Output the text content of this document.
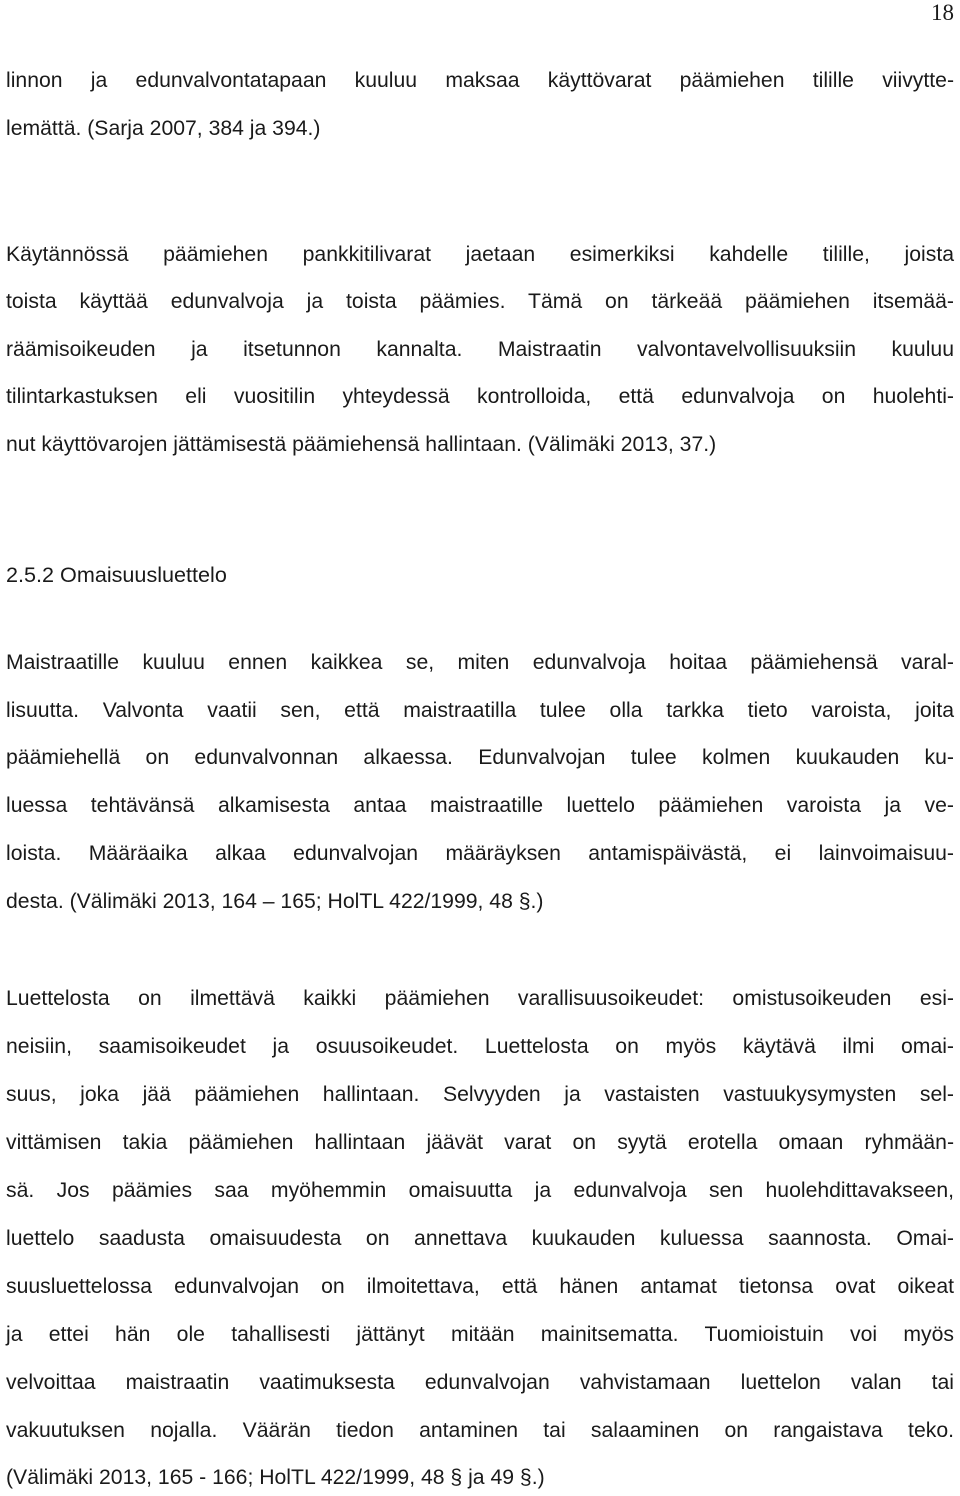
18
linnon ja edunvalvontatapaan kuuluu maksaa käyttövarat päämiehen tilille viivytte-
lemättä. (Sarja 2007, 384 ja 394.)
Käytännössä päämiehen pankkitilivarat jaetaan esimerkiksi kahdelle tilille, joista
toista käyttää edunvalvoja ja toista päämies. Tämä on tärkeää päämiehen itsemää-
räämisoikeuden ja itsetunnon kannalta. Maistraatin valvontavelvollisuuksiin kuuluu
tilintarkastuksen eli vuositilin yhteydessä kontrolloida, että edunvalvoja on huolehti-
nut käyttövarojen jättämisestä päämiehensä hallintaan. (Välimäki 2013, 37.)
2.5.2 Omaisuusluettelo
Maistraatille kuuluu ennen kaikkea se, miten edunvalvoja hoitaa päämiehensä varal-
lisuutta. Valvonta vaatii sen, että maistraatilla tulee olla tarkka tieto varoista, joita
päämiehellä on edunvalvonnan alkaessa. Edunvalvojan tulee kolmen kuukauden ku-
luessa tehtävänsä alkamisesta antaa maistraatille luettelo päämiehen varoista ja ve-
loista. Määräaika alkaa edunvalvojan määräyksen antamispäivästä, ei lainvoimaisuu-
desta. (Välimäki 2013, 164 – 165; HolTL 422/1999, 48 §.)
Luettelosta on ilmettävä kaikki päämiehen varallisuusoikeudet: omistusoikeuden esi-
neisiin, saamisoikeudet ja osuusoikeudet. Luettelosta on myös käytävä ilmi omai-
suus, joka jää päämiehen hallintaan. Selvyyden ja vastaisten vastuukysymysten sel-
vittämisen takia päämiehen hallintaan jäävät varat on syytä erotella omaan ryhmään-
sä. Jos päämies saa myöhemmin omaisuutta ja edunvalvoja sen huolehdittavakseen,
luettelo saadusta omaisuudesta on annettava kuukauden kuluessa saannosta. Omai-
suusluettelossa edunvalvojan on ilmoitettava, että hänen antamat tietonsa ovat oikeat
ja ettei hän ole tahallisesti jättänyt mitään mainitsematta. Tuomioistuin voi myös
velvoittaa maistraatin vaatimuksesta edunvalvojan vahvistamaan luettelon valan tai
vakuutuksen nojalla. Väärän tiedon antaminen tai salaaminen on rangaistava teko.
(Välimäki 2013, 165 - 166; HolTL 422/1999, 48 § ja 49 §.)
